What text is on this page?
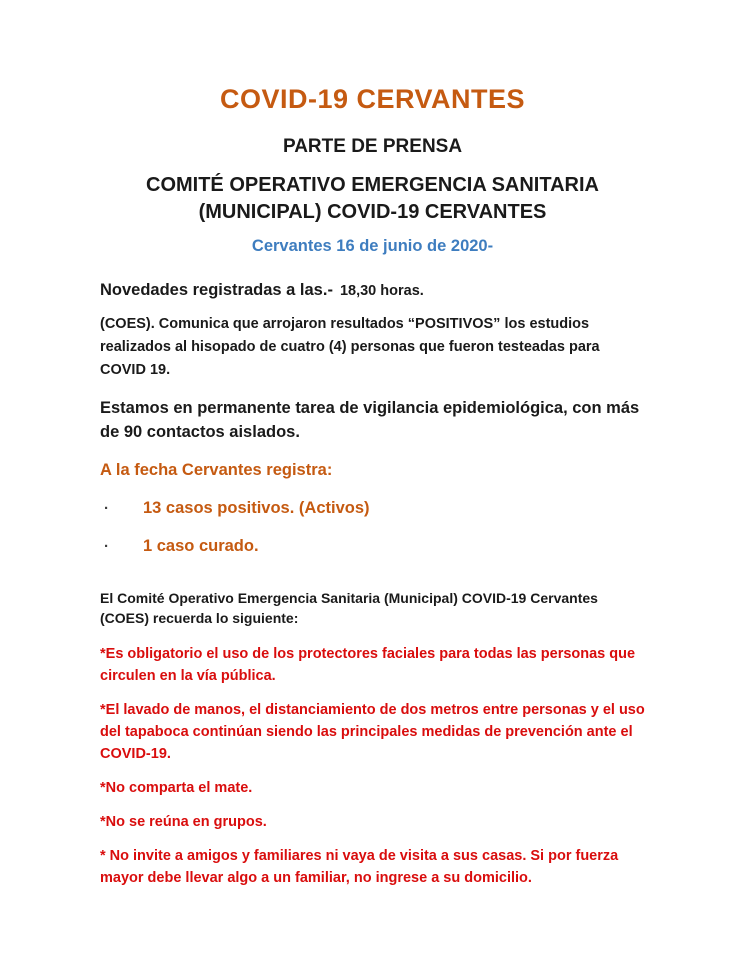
COVID-19 CERVANTES
PARTE DE PRENSA
COMITÉ OPERATIVO EMERGENCIA SANITARIA (MUNICIPAL) COVID-19 CERVANTES
Cervantes 16 de junio de 2020-

Novedades registradas a las.- 18,30 horas.

(COES). Comunica que arrojaron resultados “POSITIVOS” los estudios realizados al hisopado de cuatro (4) personas que fueron testeadas para COVID 19.

Estamos en permanente tarea de vigilancia epidemiológica, con más de 90 contactos aislados.

A la fecha Cervantes registra:

·	13 casos positivos. (Activos)
·	1 caso curado.

El Comité Operativo Emergencia Sanitaria (Municipal) COVID-19 Cervantes (COES) recuerda lo siguiente:

*Es obligatorio el uso de los protectores faciales para todas las personas que circulen en la vía pública.

*El lavado de manos, el distanciamiento de dos metros entre personas y el uso del tapaboca continúan siendo las principales medidas de prevención ante el COVID-19.

*No comparta el mate.

*No se reúna en grupos.

* No invite a amigos y familiares ni vaya de visita a sus casas. Si por fuerza mayor debe llevar algo a un familiar, no ingrese a su domicilio.
